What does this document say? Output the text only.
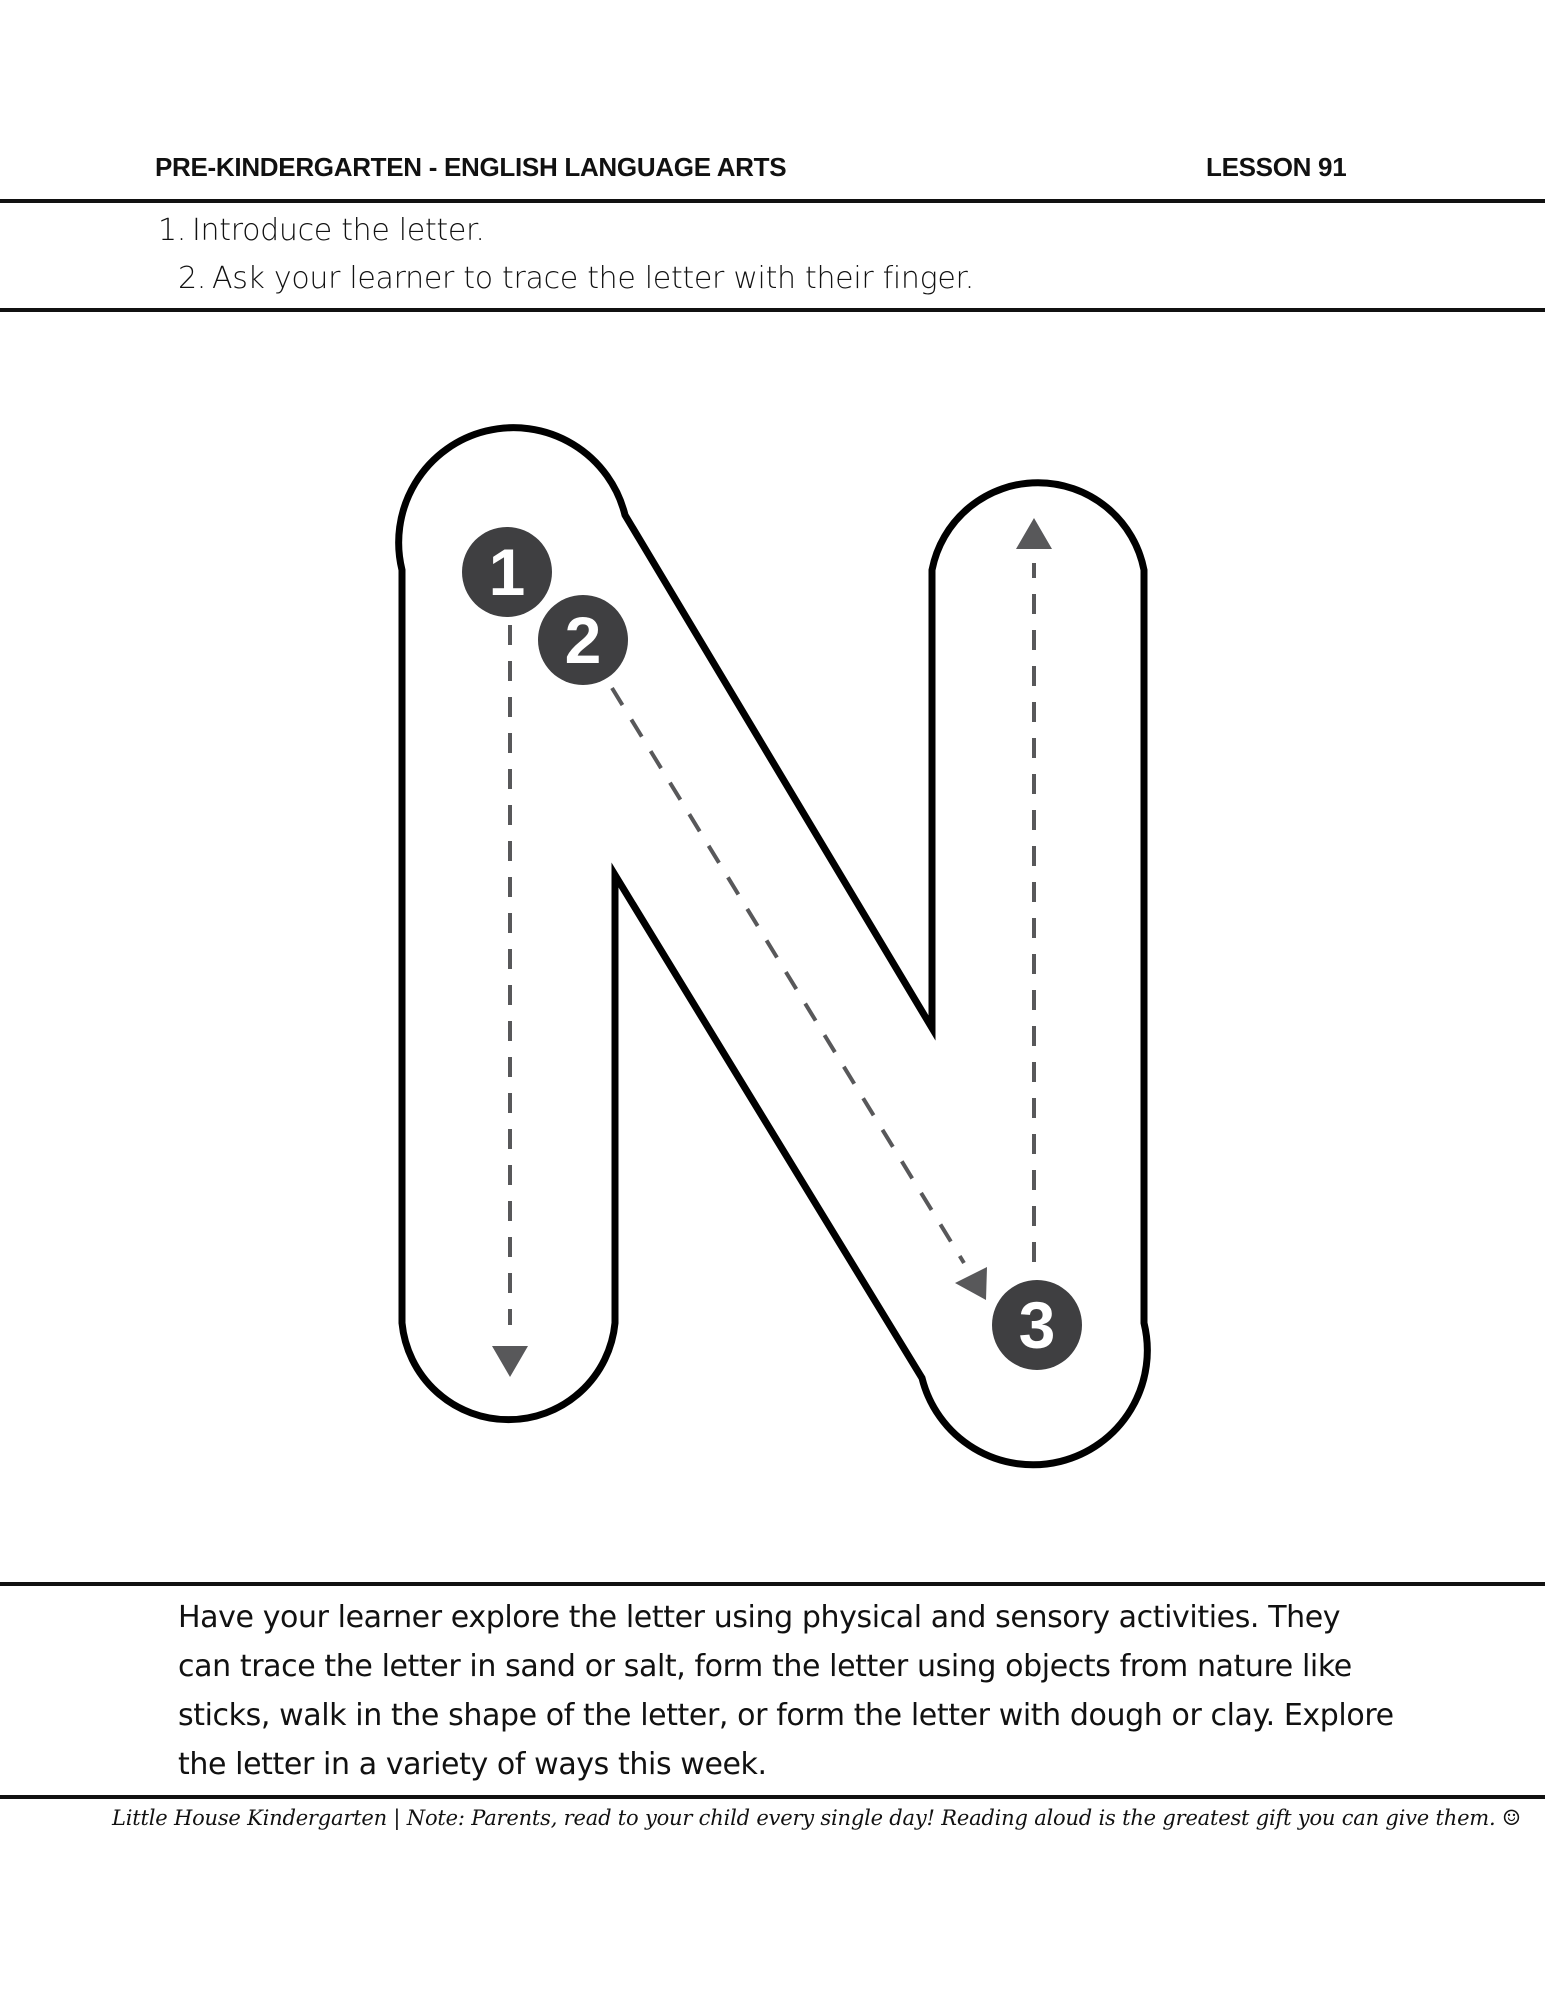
PRE-KINDERGARTEN - ENGLISH LANGUAGE ARTS	LESSON 91
1. Introduce the letter.
2. Ask your learner to trace the letter with their finger.
1
2
3
Have your learner explore the letter using physical and sensory activities. They can trace the letter in sand or salt, form the letter using objects from nature like sticks, walk in the shape of the letter, or form the letter with dough or clay. Explore the letter in a variety of ways this week.
Little House Kindergarten | Note: Parents, read to your child every single day! Reading aloud is the greatest gift you can give them. ☺
